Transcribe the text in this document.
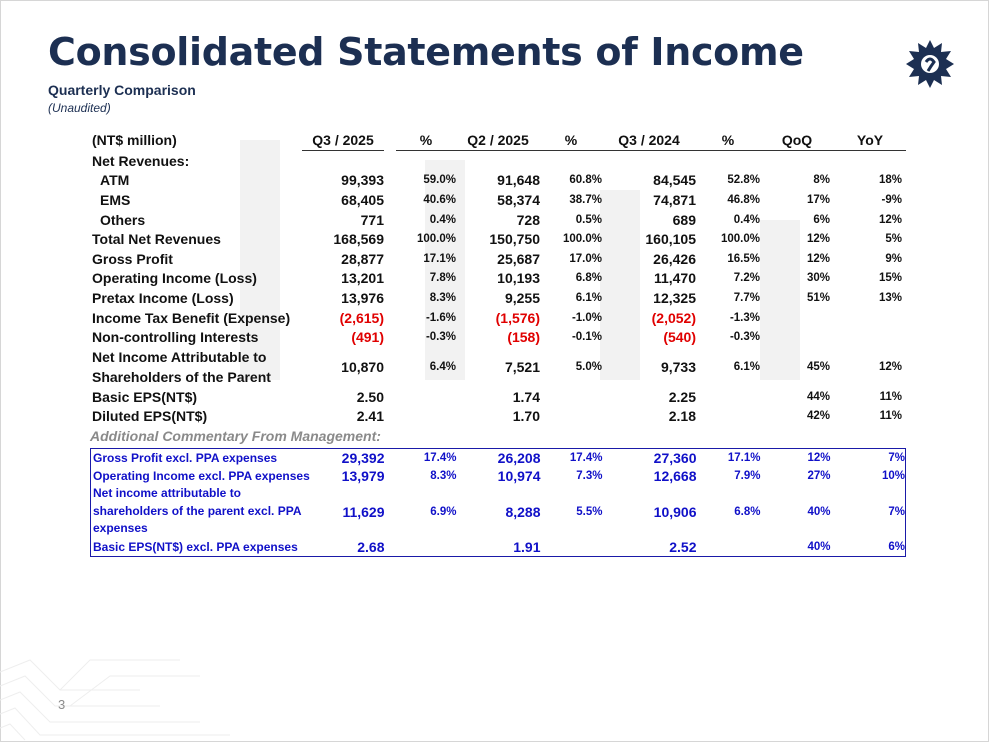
Consolidated Statements of Income
Quarterly Comparison
(Unaudited)
(NT$ million)	Q3 / 2025		%	Q2 / 2025	%	Q3 / 2024	%	QoQ	YoY
Net Revenues:									
ATM	99,393		59.0%	91,648	60.8%	84,545	52.8%	8%	18%
EMS	68,405		40.6%	58,374	38.7%	74,871	46.8%	17%	-9%
Others	771		0.4%	728	0.5%	689	0.4%	6%	12%
Total Net Revenues	168,569		100.0%	150,750	100.0%	160,105	100.0%	12%	5%
Gross Profit	28,877		17.1%	25,687	17.0%	26,426	16.5%	12%	9%
Operating Income (Loss)	13,201		7.8%	10,193	6.8%	11,470	7.2%	30%	15%
Pretax Income (Loss)	13,976		8.3%	9,255	6.1%	12,325	7.7%	51%	13%
Income Tax Benefit (Expense)	(2,615)		-1.6%	(1,576)	-1.0%	(2,052)	-1.3%		
Non-controlling Interests	(491)		-0.3%	(158)	-0.1%	(540)	-0.3%		

Net Income Attributable to
Shareholders of the Parent	10,870		6.4%	7,521	5.0%	9,733	6.1%	45%	12%
Basic EPS(NT$)	2.50			1.74		2.25		44%	11%
Diluted EPS(NT$)	2.41			1.70		2.18		42%	11%
Additional Commentary From Management:									
Gross Profit excl. PPA expenses	29,392		17.4%	26,208	17.4%	27,360	17.1%	12%	7%
Operating Income excl. PPA expenses	13,979		8.3%	10,974	7.3%	12,668	7.9%	27%	10%

Net income attributable to
shareholders of the parent excl. PPA
expenses	11,629		6.9%	8,288	5.5%	10,906	6.8%	40%	7%
Basic EPS(NT$) excl. PPA expenses	2.68			1.91		2.52		40%	6%
3
